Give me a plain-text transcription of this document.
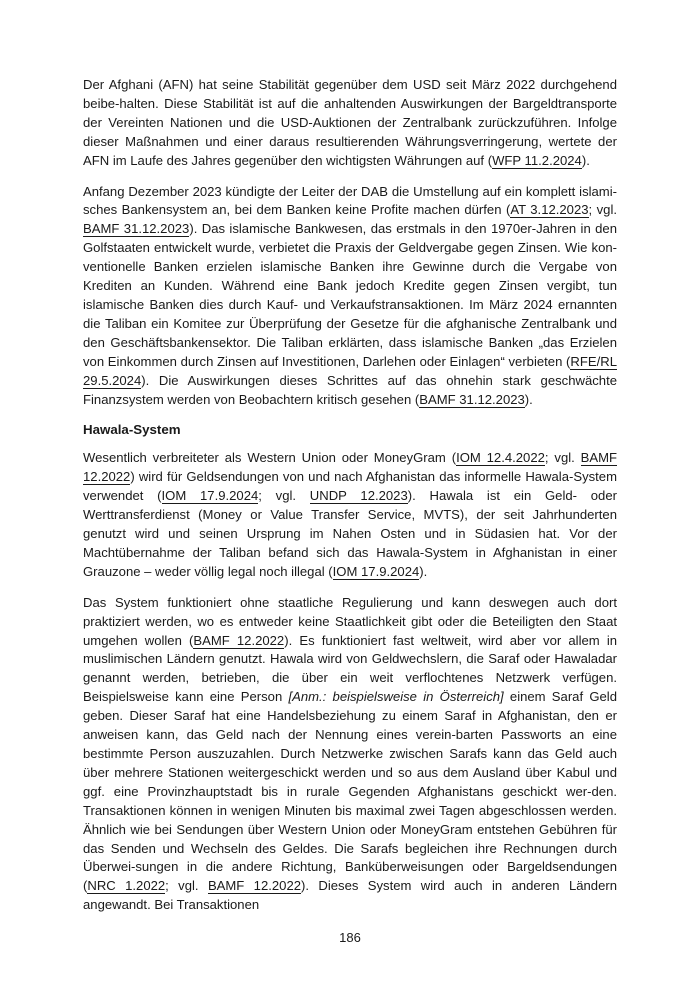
Der Afghani (AFN) hat seine Stabilität gegenüber dem USD seit März 2022 durchgehend beibe-halten. Diese Stabilität ist auf die anhaltenden Auswirkungen der Bargeldtransporte der Vereinten Nationen und die USD-Auktionen der Zentralbank zurückzuführen. Infolge dieser Maßnahmen und einer daraus resultierenden Währungsverringerung, wertete der AFN im Laufe des Jahres gegenüber den wichtigsten Währungen auf (WFP 11.2.2024).

Anfang Dezember 2023 kündigte der Leiter der DAB die Umstellung auf ein komplett islami-sches Bankensystem an, bei dem Banken keine Profite machen dürfen (AT 3.12.2023; vgl. BAMF 31.12.2023). Das islamische Bankwesen, das erstmals in den 1970er-Jahren in den Golfstaaten entwickelt wurde, verbietet die Praxis der Geldvergabe gegen Zinsen. Wie kon-ventionelle Banken erzielen islamische Banken ihre Gewinne durch die Vergabe von Krediten an Kunden. Während eine Bank jedoch Kredite gegen Zinsen vergibt, tun islamische Banken dies durch Kauf- und Verkaufstransaktionen. Im März 2024 ernannten die Taliban ein Komitee zur Überprüfung der Gesetze für die afghanische Zentralbank und den Geschäftsbankensektor. Die Taliban erklärten, dass islamische Banken „das Erzielen von Einkommen durch Zinsen auf Investitionen, Darlehen oder Einlagen“ verbieten (RFE/RL 29.5.2024). Die Auswirkungen dieses Schrittes auf das ohnehin stark geschwächte Finanzsystem werden von Beobachtern kritisch gesehen (BAMF 31.12.2023).

Hawala-System

Wesentlich verbreiteter als Western Union oder MoneyGram (IOM 12.4.2022; vgl. BAMF 12.2022) wird für Geldsendungen von und nach Afghanistan das informelle Hawala-System verwendet (IOM 17.9.2024; vgl. UNDP 12.2023). Hawala ist ein Geld- oder Werttransferdienst (Money or Value Transfer Service, MVTS), der seit Jahrhunderten genutzt wird und seinen Ursprung im Nahen Osten und in Südasien hat. Vor der Machtübernahme der Taliban befand sich das Hawala-System in Afghanistan in einer Grauzone – weder völlig legal noch illegal (IOM 17.9.2024).

Das System funktioniert ohne staatliche Regulierung und kann deswegen auch dort praktiziert werden, wo es entweder keine Staatlichkeit gibt oder die Beteiligten den Staat umgehen wollen (BAMF 12.2022). Es funktioniert fast weltweit, wird aber vor allem in muslimischen Ländern genutzt. Hawala wird von Geldwechslern, die Saraf oder Hawaladar genannt werden, betrieben, die über ein weit verflochtenes Netzwerk verfügen. Beispielsweise kann eine Person [Anm.: beispielsweise in Österreich] einem Saraf Geld geben. Dieser Saraf hat eine Handelsbeziehung zu einem Saraf in Afghanistan, den er anweisen kann, das Geld nach der Nennung eines verein-barten Passworts an eine bestimmte Person auszuzahlen. Durch Netzwerke zwischen Sarafs kann das Geld auch über mehrere Stationen weitergeschickt werden und so aus dem Ausland über Kabul und ggf. eine Provinzhauptstadt bis in rurale Gegenden Afghanistans geschickt wer-den. Transaktionen können in wenigen Minuten bis maximal zwei Tagen abgeschlossen werden. Ähnlich wie bei Sendungen über Western Union oder MoneyGram entstehen Gebühren für das Senden und Wechseln des Geldes. Die Sarafs begleichen ihre Rechnungen durch Überwei-sungen in die andere Richtung, Banküberweisungen oder Bargeldsendungen (NRC 1.2022; vgl. BAMF 12.2022). Dieses System wird auch in anderen Ländern angewandt. Bei Transaktionen

186
